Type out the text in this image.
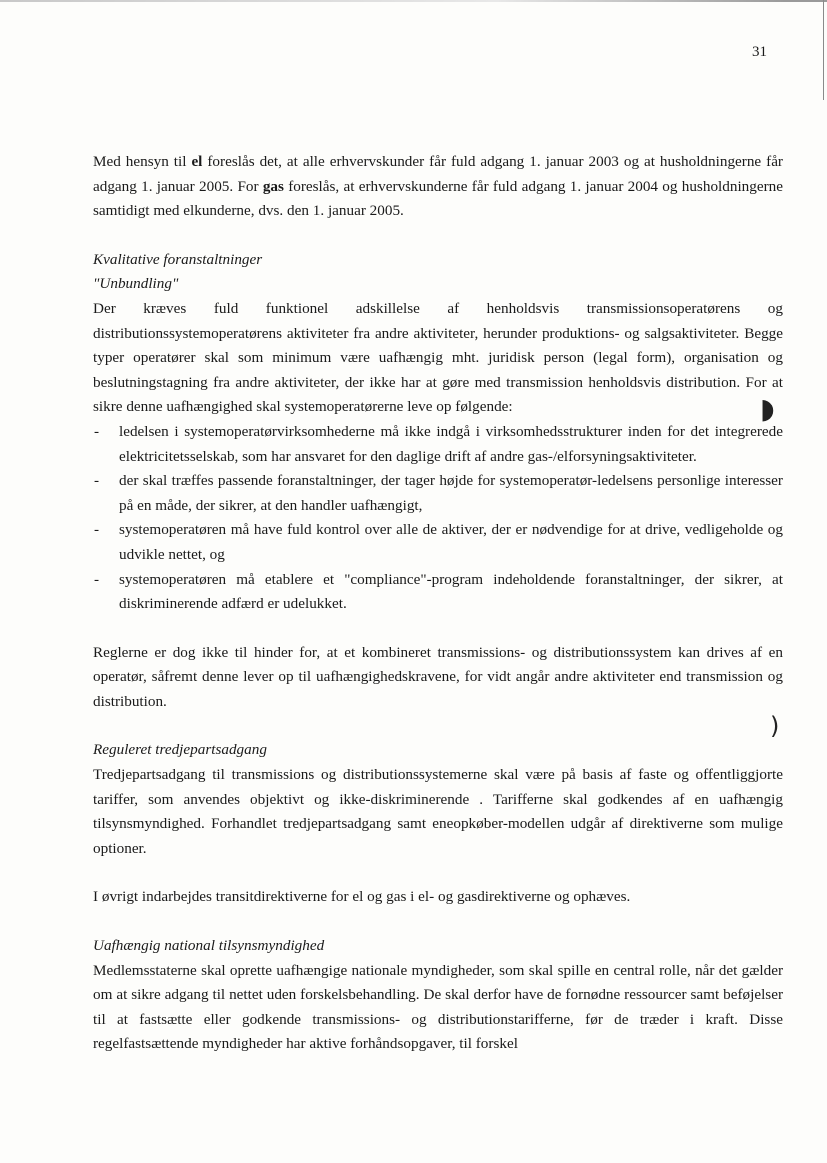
31
◗
)

Med hensyn til el foreslås det, at alle erhvervskunder får fuld adgang 1. januar 2003 og at husholdningerne får adgang 1. januar 2005. For gas foreslås, at erhvervskunderne får fuld adgang 1. januar 2004 og husholdningerne samtidigt med elkunderne, dvs. den 1. januar 2005.

Kvalitative foranstaltninger

"Unbundling"

Der kræves fuld funktionel adskillelse af henholdsvis transmissionsoperatørens og distributionssystemoperatørens aktiviteter fra andre aktiviteter, herunder produktions- og salgsaktiviteter. Begge typer operatører skal som minimum være uafhængig mht. juridisk person (legal form), organisation og beslutningstagning fra andre aktiviteter, der ikke har at gøre med transmission henholdsvis distribution. For at sikre denne uafhængighed skal systemoperatørerne leve op følgende:

- ledelsen i systemoperatørvirksomhederne må ikke indgå i virksomhedsstrukturer inden for det integrerede elektricitetsselskab, som har ansvaret for den daglige drift af andre gas-/elforsyningsaktiviteter.
- der skal træffes passende foranstaltninger, der tager højde for systemoperatør-ledelsens personlige interesser på en måde, der sikrer, at den handler uafhængigt,
- systemoperatøren må have fuld kontrol over alle de aktiver, der er nødvendige for at drive, vedligeholde og udvikle nettet, og
- systemoperatøren må etablere et "compliance"-program indeholdende foranstaltninger, der sikrer, at diskriminerende adfærd er udelukket.

Reglerne er dog ikke til hinder for, at et kombineret transmissions- og distributionssystem kan drives af en operatør, såfremt denne lever op til uafhængighedskravene, for vidt angår andre aktiviteter end transmission og distribution.

Reguleret tredjepartsadgang

Tredjepartsadgang til transmissions og distributionssystemerne skal være på basis af faste og offentliggjorte tariffer, som anvendes objektivt og ikke-diskriminerende . Tarifferne skal godkendes af en uafhængig tilsynsmyndighed. Forhandlet tredjepartsadgang samt eneopkøber-modellen udgår af direktiverne som mulige optioner.

I øvrigt indarbejdes transitdirektiverne for el og gas i el- og gasdirektiverne og ophæves.

Uafhængig national tilsynsmyndighed

Medlemsstaterne skal oprette uafhængige nationale myndigheder, som skal spille en central rolle, når det gælder om at sikre adgang til nettet uden forskelsbehandling. De skal derfor have de fornødne ressourcer samt beføjelser til at fastsætte eller godkende transmissions- og distributionstarifferne, før de træder i kraft. Disse regelfastsættende myndigheder har aktive forhåndsopgaver, til forskel
